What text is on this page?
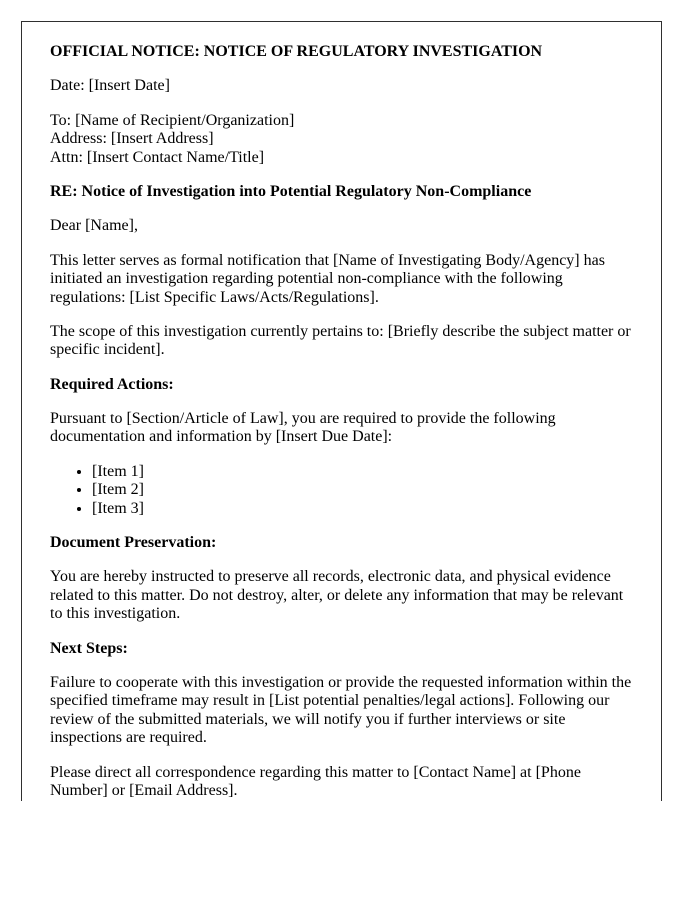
OFFICIAL NOTICE: NOTICE OF REGULATORY INVESTIGATION

Date: [Insert Date]

To: [Name of Recipient/Organization]
Address: [Insert Address]
Attn: [Insert Contact Name/Title]

RE: Notice of Investigation into Potential Regulatory Non-Compliance

Dear [Name],

This letter serves as formal notification that [Name of Investigating Body/Agency] has initiated an investigation regarding potential non-compliance with the following regulations: [List Specific Laws/Acts/Regulations].

The scope of this investigation currently pertains to: [Briefly describe the subject matter or specific incident].

Required Actions:

Pursuant to [Section/Article of Law], you are required to provide the following documentation and information by [Insert Due Date]:

• [Item 1]
• [Item 2]
• [Item 3]

Document Preservation:

You are hereby instructed to preserve all records, electronic data, and physical evidence related to this matter. Do not destroy, alter, or delete any information that may be relevant to this investigation.

Next Steps:

Failure to cooperate with this investigation or provide the requested information within the specified timeframe may result in [List potential penalties/legal actions]. Following our review of the submitted materials, we will notify you if further interviews or site inspections are required.

Please direct all correspondence regarding this matter to [Contact Name] at [Phone Number] or [Email Address].
